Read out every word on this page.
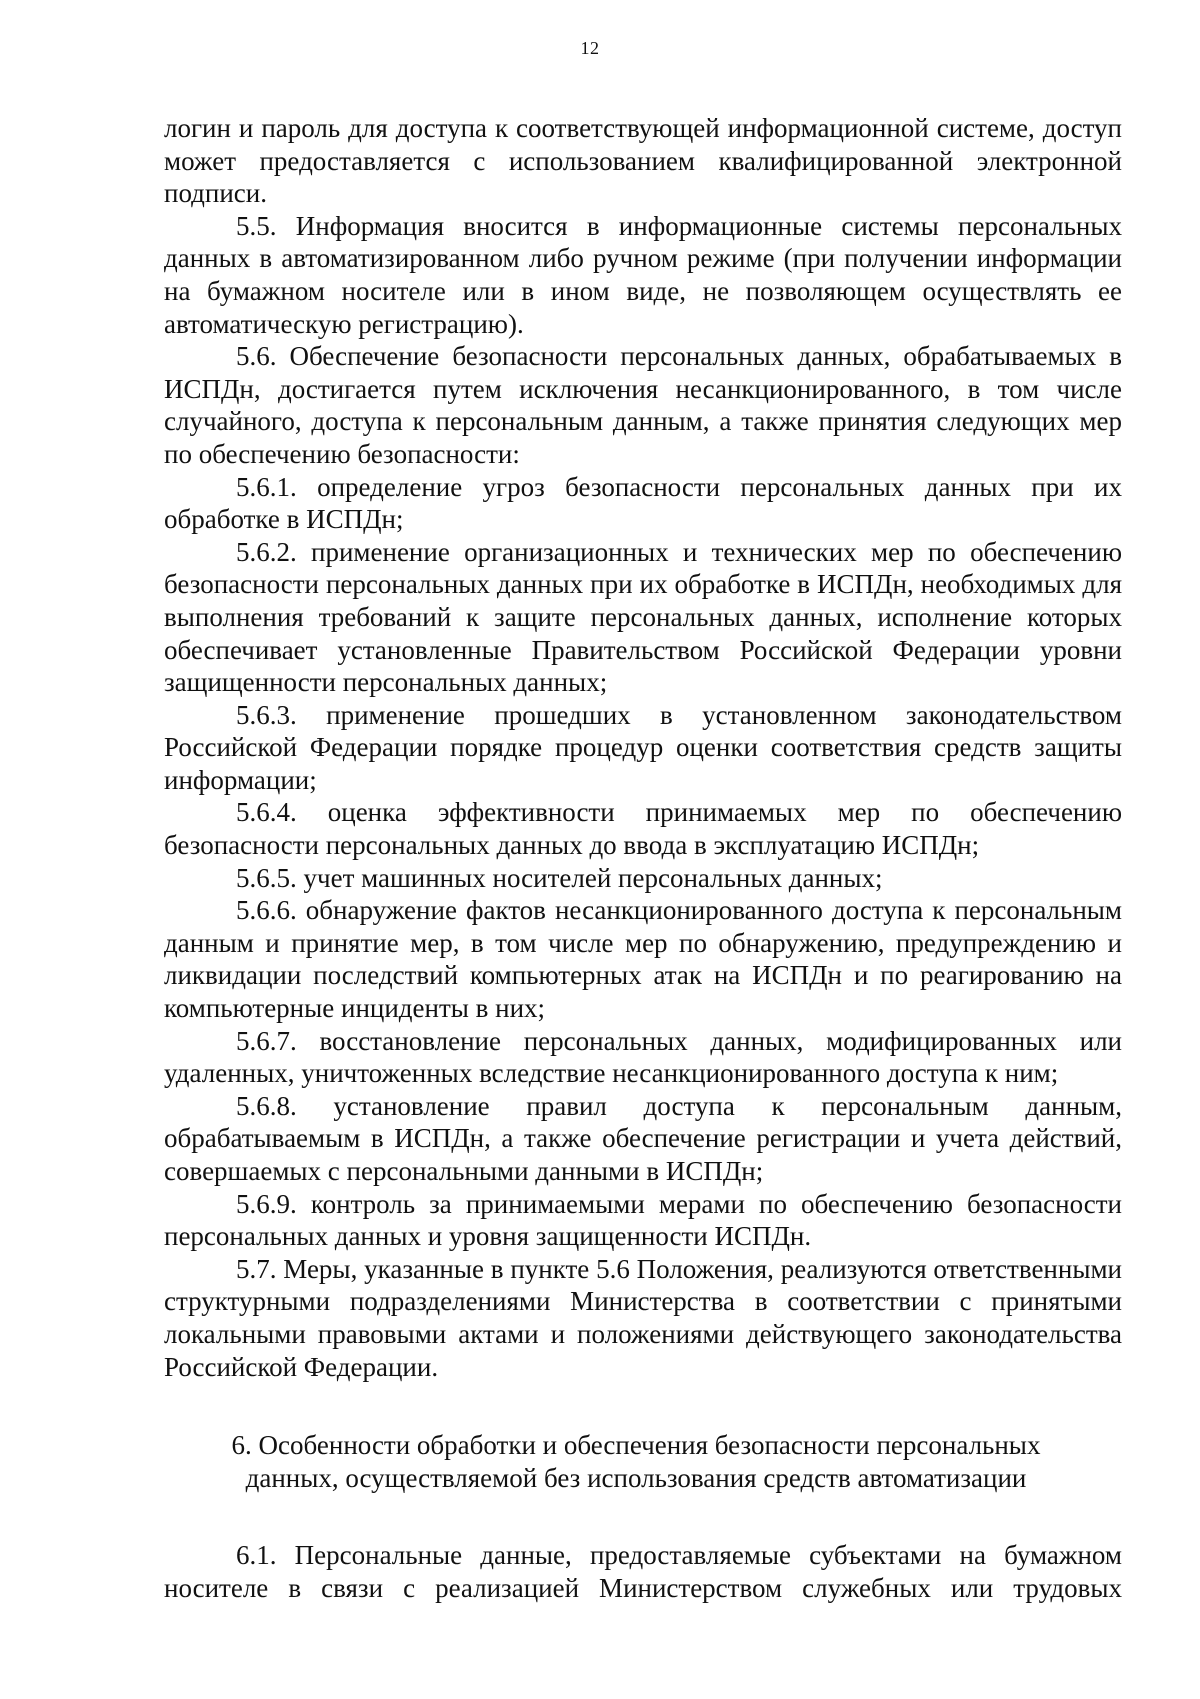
12

логин и пароль для доступа к соответствующей информационной системе, доступ может предоставляется с использованием квалифицированной электронной подписи.

5.5. Информация вносится в информационные системы персональных данных в автоматизированном либо ручном режиме (при получении информации на бумажном носителе или в ином виде, не позволяющем осуществлять ее автоматическую регистрацию).

5.6. Обеспечение безопасности персональных данных, обрабатываемых в ИСПДн, достигается путем исключения несанкционированного, в том числе случайного, доступа к персональным данным, а также принятия следующих мер по обеспечению безопасности:

5.6.1. определение угроз безопасности персональных данных при их обработке в ИСПДн;

5.6.2. применение организационных и технических мер по обеспечению безопасности персональных данных при их обработке в ИСПДн, необходимых для выполнения требований к защите персональных данных, исполнение которых обеспечивает установленные Правительством Российской Федерации уровни защищенности персональных данных;

5.6.3. применение прошедших в установленном законодательством Российской Федерации порядке процедур оценки соответствия средств защиты информации;

5.6.4. оценка эффективности принимаемых мер по обеспечению безопасности персональных данных до ввода в эксплуатацию ИСПДн;

5.6.5. учет машинных носителей персональных данных;

5.6.6. обнаружение фактов несанкционированного доступа к персональным данным и принятие мер, в том числе мер по обнаружению, предупреждению и ликвидации последствий компьютерных атак на ИСПДн и по реагированию на компьютерные инциденты в них;

5.6.7. восстановление персональных данных, модифицированных или удаленных, уничтоженных вследствие несанкционированного доступа к ним;

5.6.8. установление правил доступа к персональным данным, обрабатываемым в ИСПДн, а также обеспечение регистрации и учета действий, совершаемых с персональными данными в ИСПДн;

5.6.9. контроль за принимаемыми мерами по обеспечению безопасности персональных данных и уровня защищенности ИСПДн.

5.7. Меры, указанные в пункте 5.6 Положения, реализуются ответственными структурными подразделениями Министерства в соответствии с принятыми локальными правовыми актами и положениями действующего законодательства Российской Федерации.

6. Особенности обработки и обеспечения безопасности персональных
данных, осуществляемой без использования средств автоматизации

6.1. Персональные данные, предоставляемые субъектами на бумажном носителе в связи с реализацией Министерством служебных или трудовых
